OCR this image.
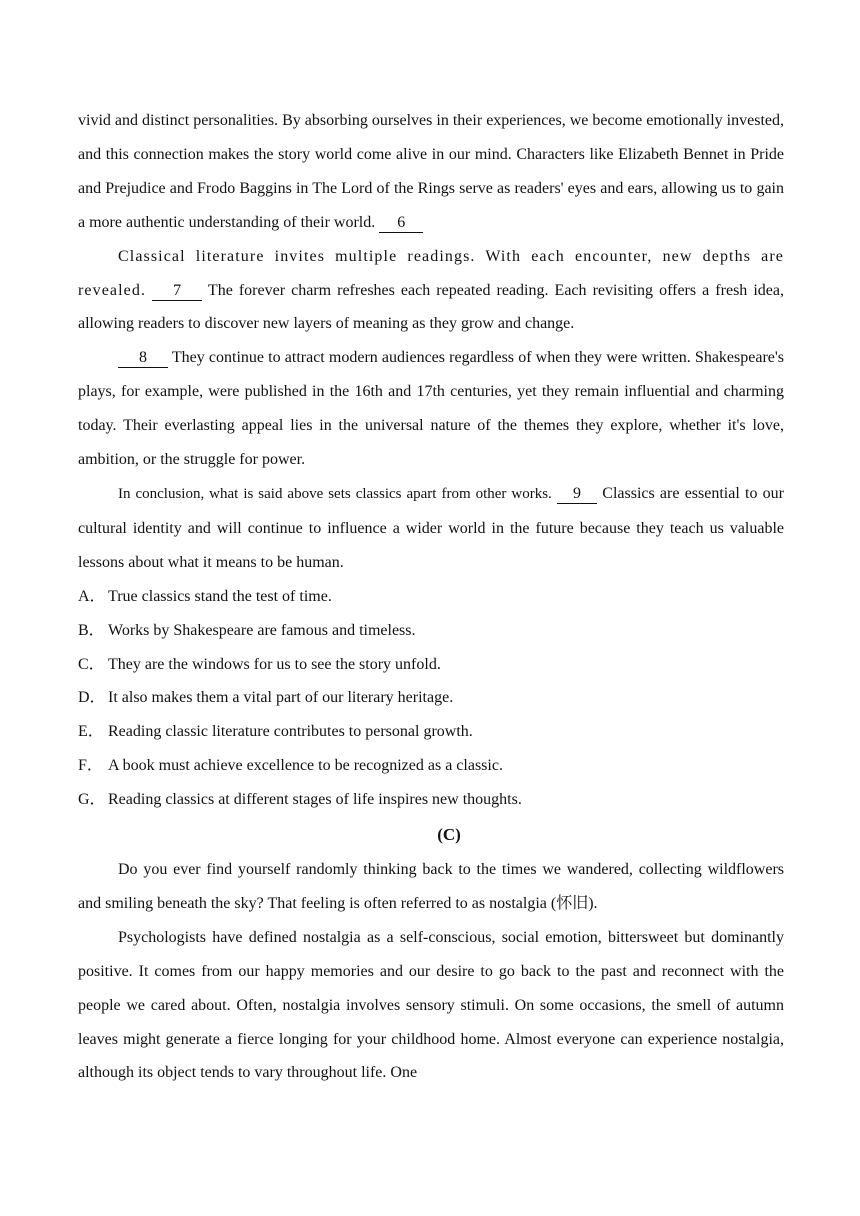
vivid and distinct personalities. By absorbing ourselves in their experiences, we become emotionally invested, and this connection makes the story world come alive in our mind. Characters like Elizabeth Bennet in Pride and Prejudice and Frodo Baggins in The Lord of the Rings serve as readers' eyes and ears, allowing us to gain a more authentic understanding of their world. 6

Classical literature invites multiple readings. With each encounter, new depths are revealed. 7 The forever charm refreshes each repeated reading. Each revisiting offers a fresh idea, allowing readers to discover new layers of meaning as they grow and change.

8 They continue to attract modern audiences regardless of when they were written. Shakespeare's plays, for example, were published in the 16th and 17th centuries, yet they remain influential and charming today. Their everlasting appeal lies in the universal nature of the themes they explore, whether it's love, ambition, or the struggle for power.

In conclusion, what is said above sets classics apart from other works. 9 Classics are essential to our cultural identity and will continue to influence a wider world in the future because they teach us valuable lessons about what it means to be human.

A． True classics stand the test of time.

B． Works by Shakespeare are famous and timeless.

C． They are the windows for us to see the story unfold.

D． It also makes them a vital part of our literary heritage.

E． Reading classic literature contributes to personal growth.

F． A book must achieve excellence to be recognized as a classic.

G． Reading classics at different stages of life inspires new thoughts.

(C)

Do you ever find yourself randomly thinking back to the times we wandered, collecting wildflowers and smiling beneath the sky? That feeling is often referred to as nostalgia (怀旧).

Psychologists have defined nostalgia as a self-conscious, social emotion, bittersweet but dominantly positive. It comes from our happy memories and our desire to go back to the past and reconnect with the people we cared about. Often, nostalgia involves sensory stimuli. On some occasions, the smell of autumn leaves might generate a fierce longing for your childhood home. Almost everyone can experience nostalgia, although its object tends to vary throughout life. One
